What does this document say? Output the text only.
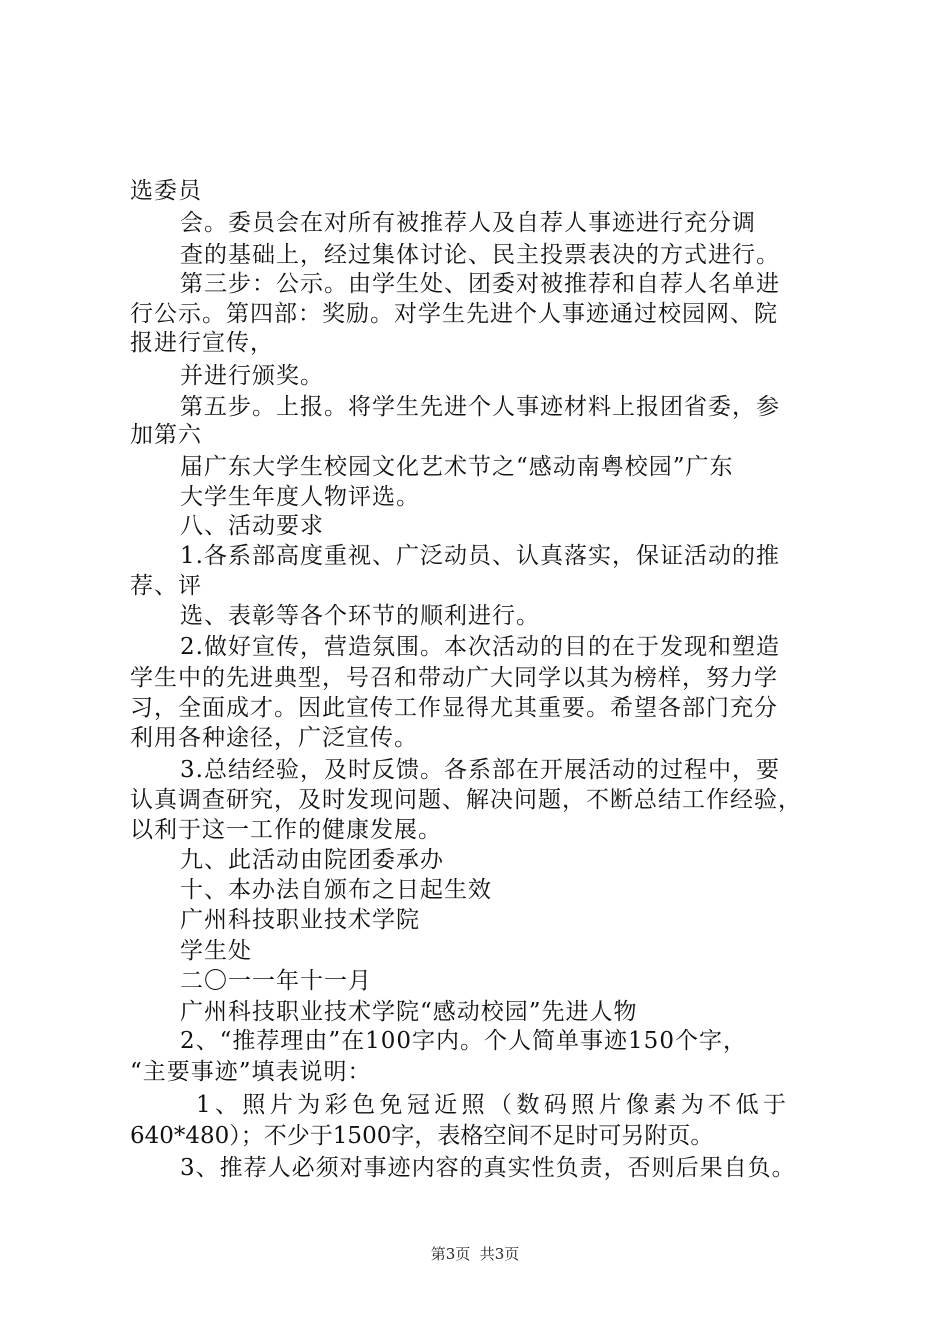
选委员
会。委员会在对所有被推荐人及自荐人事迹进行充分调
查的基础上，经过集体讨论、民主投票表决的方式进行。
第三步：公示。由学生处、团委对被推荐和自荐人名单进
行公示。第四部：奖励。对学生先进个人事迹通过校园网、院
报进行宣传，
并进行颁奖。
第五步。上报。将学生先进个人事迹材料上报团省委，参
加第六
届广东大学生校园文化艺术节之“感动南粤校园”广东
大学生年度人物评选。
八、活动要求
1.各系部高度重视、广泛动员、认真落实，保证活动的推
荐、评
选、表彰等各个环节的顺利进行。
2.做好宣传，营造氛围。本次活动的目的在于发现和塑造
学生中的先进典型，号召和带动广大同学以其为榜样，努力学
习，全面成才。因此宣传工作显得尤其重要。希望各部门充分
利用各种途径，广泛宣传。
3.总结经验，及时反馈。各系部在开展活动的过程中，要
认真调查研究，及时发现问题、解决问题，不断总结工作经验，
以利于这一工作的健康发展。
九、此活动由院团委承办
十、本办法自颁布之日起生效
广州科技职业技术学院
学生处
二〇一一年十一月
广州科技职业技术学院“感动校园”先进人物
2、“推荐理由”在100字内。个人简单事迹150个字，
“主要事迹”填表说明：
1、照片为彩色免冠近照（数码照片像素为不低于
640*480）；不少于1500字，表格空间不足时可另附页。
3、推荐人必须对事迹内容的真实性负责，否则后果自负。
第3页  共3页
